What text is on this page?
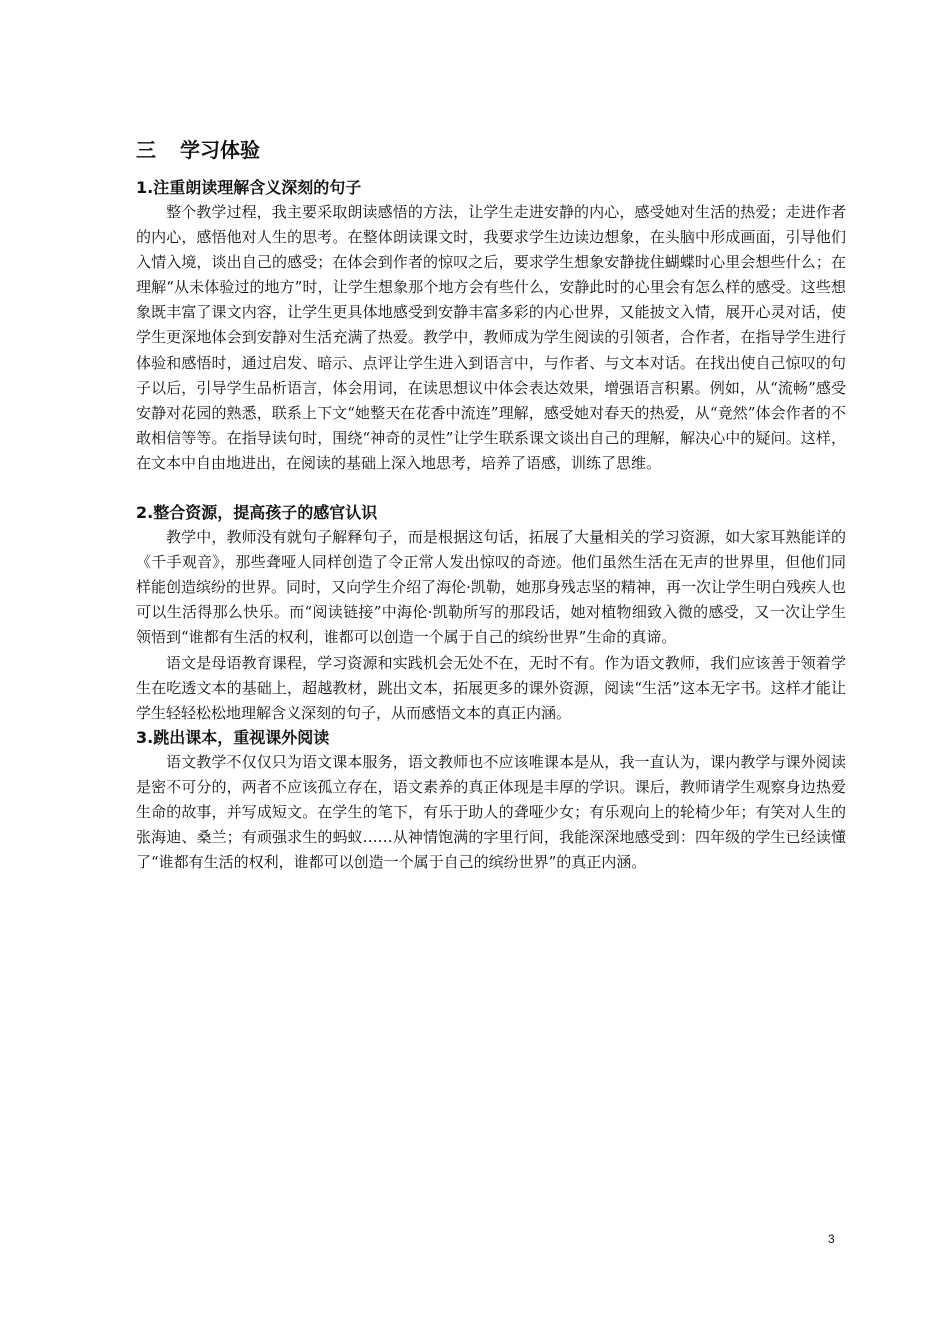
三 学习体验
1.注重朗读理解含义深刻的句子

整个教学过程，我主要采取朗读感悟的方法，让学生走进安静的内心，感受她对生活的热爱；走进作者的内心，感悟他对人生的思考。在整体朗读课文时，我要求学生边读边想象，在头脑中形成画面，引导他们入情入境，谈出自己的感受；在体会到作者的惊叹之后，要求学生想象安静拢住蝴蝶时心里会想些什么；在理解“从未体验过的地方”时，让学生想象那个地方会有些什么，安静此时的心里会有怎么样的感受。这些想象既丰富了课文内容，让学生更具体地感受到安静丰富多彩的内心世界，又能披文入情，展开心灵对话，使学生更深地体会到安静对生活充满了热爱。教学中，教师成为学生阅读的引领者，合作者，在指导学生进行体验和感悟时，通过启发、暗示、点评让学生进入到语言中，与作者、与文本对话。在找出使自己惊叹的句子以后，引导学生品析语言，体会用词，在读思想议中体会表达效果，增强语言积累。例如，从“流畅”感受安静对花园的熟悉，联系上下文“她整天在花香中流连”理解，感受她对春天的热爱，从“竟然”体会作者的不敢相信等等。在指导读句时，围绕“神奇的灵性”让学生联系课文谈出自己的理解，解决心中的疑问。这样，在文本中自由地进出，在阅读的基础上深入地思考，培养了语感，训练了思维。

2.整合资源，提高孩子的感官认识

教学中，教师没有就句子解释句子，而是根据这句话，拓展了大量相关的学习资源，如大家耳熟能详的《千手观音》，那些聋哑人同样创造了令正常人发出惊叹的奇迹。他们虽然生活在无声的世界里，但他们同样能创造缤纷的世界。同时，又向学生介绍了海伦·凯勒，她那身残志坚的精神，再一次让学生明白残疾人也可以生活得那么快乐。而“阅读链接”中海伦·凯勒所写的那段话，她对植物细致入微的感受，又一次让学生领悟到“谁都有生活的权利，谁都可以创造一个属于自己的缤纷世界”生命的真谛。

语文是母语教育课程，学习资源和实践机会无处不在，无时不有。作为语文教师，我们应该善于领着学生在吃透文本的基础上，超越教材，跳出文本，拓展更多的课外资源，阅读“生活”这本无字书。这样才能让学生轻轻松松地理解含义深刻的句子，从而感悟文本的真正内涵。

3.跳出课本，重视课外阅读

语文教学不仅仅只为语文课本服务，语文教师也不应该唯课本是从，我一直认为，课内教学与课外阅读是密不可分的，两者不应该孤立存在，语文素养的真正体现是丰厚的学识。课后，教师请学生观察身边热爱生命的故事，并写成短文。在学生的笔下，有乐于助人的聋哑少女；有乐观向上的轮椅少年；有笑对人生的张海迪、桑兰；有顽强求生的蚂蚁……从神情饱满的字里行间，我能深深地感受到：四年级的学生已经读懂了“谁都有生活的权利，谁都可以创造一个属于自己的缤纷世界”的真正内涵。

3
